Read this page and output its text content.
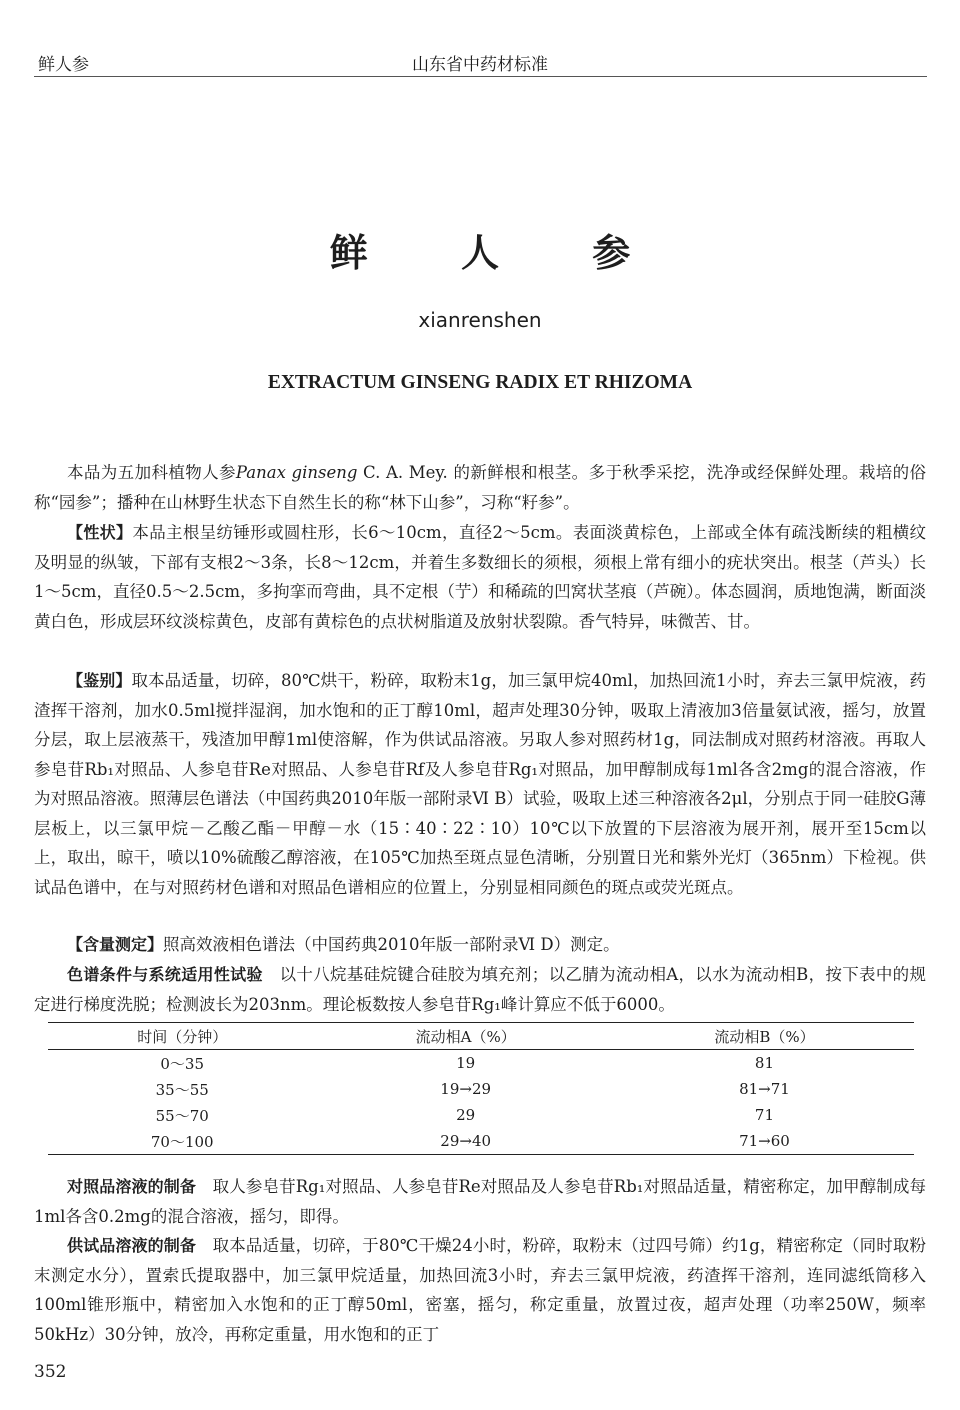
鲜人参	山东省中药材标准
鲜 人 参
xianrenshen
EXTRACTUM GINSENG RADIX ET RHIZOMA

本品为五加科植物人参Panax ginseng C. A. Mey. 的新鲜根和根茎。多于秋季采挖，洗净或经保鲜处理。栽培的俗称“园参”；播种在山林野生状态下自然生长的称“林下山参”，习称“籽参”。

【性状】本品主根呈纺锤形或圆柱形，长6～10cm，直径2～5cm。表面淡黄棕色，上部或全体有疏浅断续的粗横纹及明显的纵皱，下部有支根2～3条，长8～12cm，并着生多数细长的须根，须根上常有细小的疣状突出。根茎（芦头）长1～5cm，直径0.5～2.5cm，多拘挛而弯曲，具不定根（艼）和稀疏的凹窝状茎痕（芦碗）。体态圆润，质地饱满，断面淡黄白色，形成层环纹淡棕黄色，皮部有黄棕色的点状树脂道及放射状裂隙。香气特异，味微苦、甘。

【鉴别】取本品适量，切碎，80℃烘干，粉碎，取粉末1g，加三氯甲烷40ml，加热回流1小时，弃去三氯甲烷液，药渣挥干溶剂，加水0.5ml搅拌湿润，加水饱和的正丁醇10ml，超声处理30分钟，吸取上清液加3倍量氨试液，摇匀，放置分层，取上层液蒸干，残渣加甲醇1ml使溶解，作为供试品溶液。另取人参对照药材1g，同法制成对照药材溶液。再取人参皂苷Rb₁对照品、人参皂苷Re对照品、人参皂苷Rf及人参皂苷Rg₁对照品，加甲醇制成每1ml各含2mg的混合溶液，作为对照品溶液。照薄层色谱法（中国药典2010年版一部附录Ⅵ B）试验，吸取上述三种溶液各2μl，分别点于同一硅胶G薄层板上，以三氯甲烷－乙酸乙酯－甲醇－水（15∶40∶22∶10）10℃以下放置的下层溶液为展开剂，展开至15cm以上，取出，晾干，喷以10%硫酸乙醇溶液，在105℃加热至斑点显色清晰，分别置日光和紫外光灯（365nm）下检视。供试品色谱中，在与对照药材色谱和对照品色谱相应的位置上，分别显相同颜色的斑点或荧光斑点。

【含量测定】照高效液相色谱法（中国药典2010年版一部附录Ⅵ D）测定。

色谱条件与系统适用性试验 以十八烷基硅烷键合硅胶为填充剂；以乙腈为流动相A，以水为流动相B，按下表中的规定进行梯度洗脱；检测波长为203nm。理论板数按人参皂苷Rg₁峰计算应不低于6000。

时间（分钟）	流动相A（%）	流动相B（%）
0～35	19	81
35～55	19→29	81→71
55～70	29	71
70～100	29→40	71→60

对照品溶液的制备 取人参皂苷Rg₁对照品、人参皂苷Re对照品及人参皂苷Rb₁对照品适量，精密称定，加甲醇制成每1ml各含0.2mg的混合溶液，摇匀，即得。

供试品溶液的制备 取本品适量，切碎，于80℃干燥24小时，粉碎，取粉末（过四号筛）约1g，精密称定（同时取粉末测定水分），置索氏提取器中，加三氯甲烷适量，加热回流3小时，弃去三氯甲烷液，药渣挥干溶剂，连同滤纸筒移入100ml锥形瓶中，精密加入水饱和的正丁醇50ml，密塞，摇匀，称定重量，放置过夜，超声处理（功率250W，频率50kHz）30分钟，放冷，再称定重量，用水饱和的正丁

352
